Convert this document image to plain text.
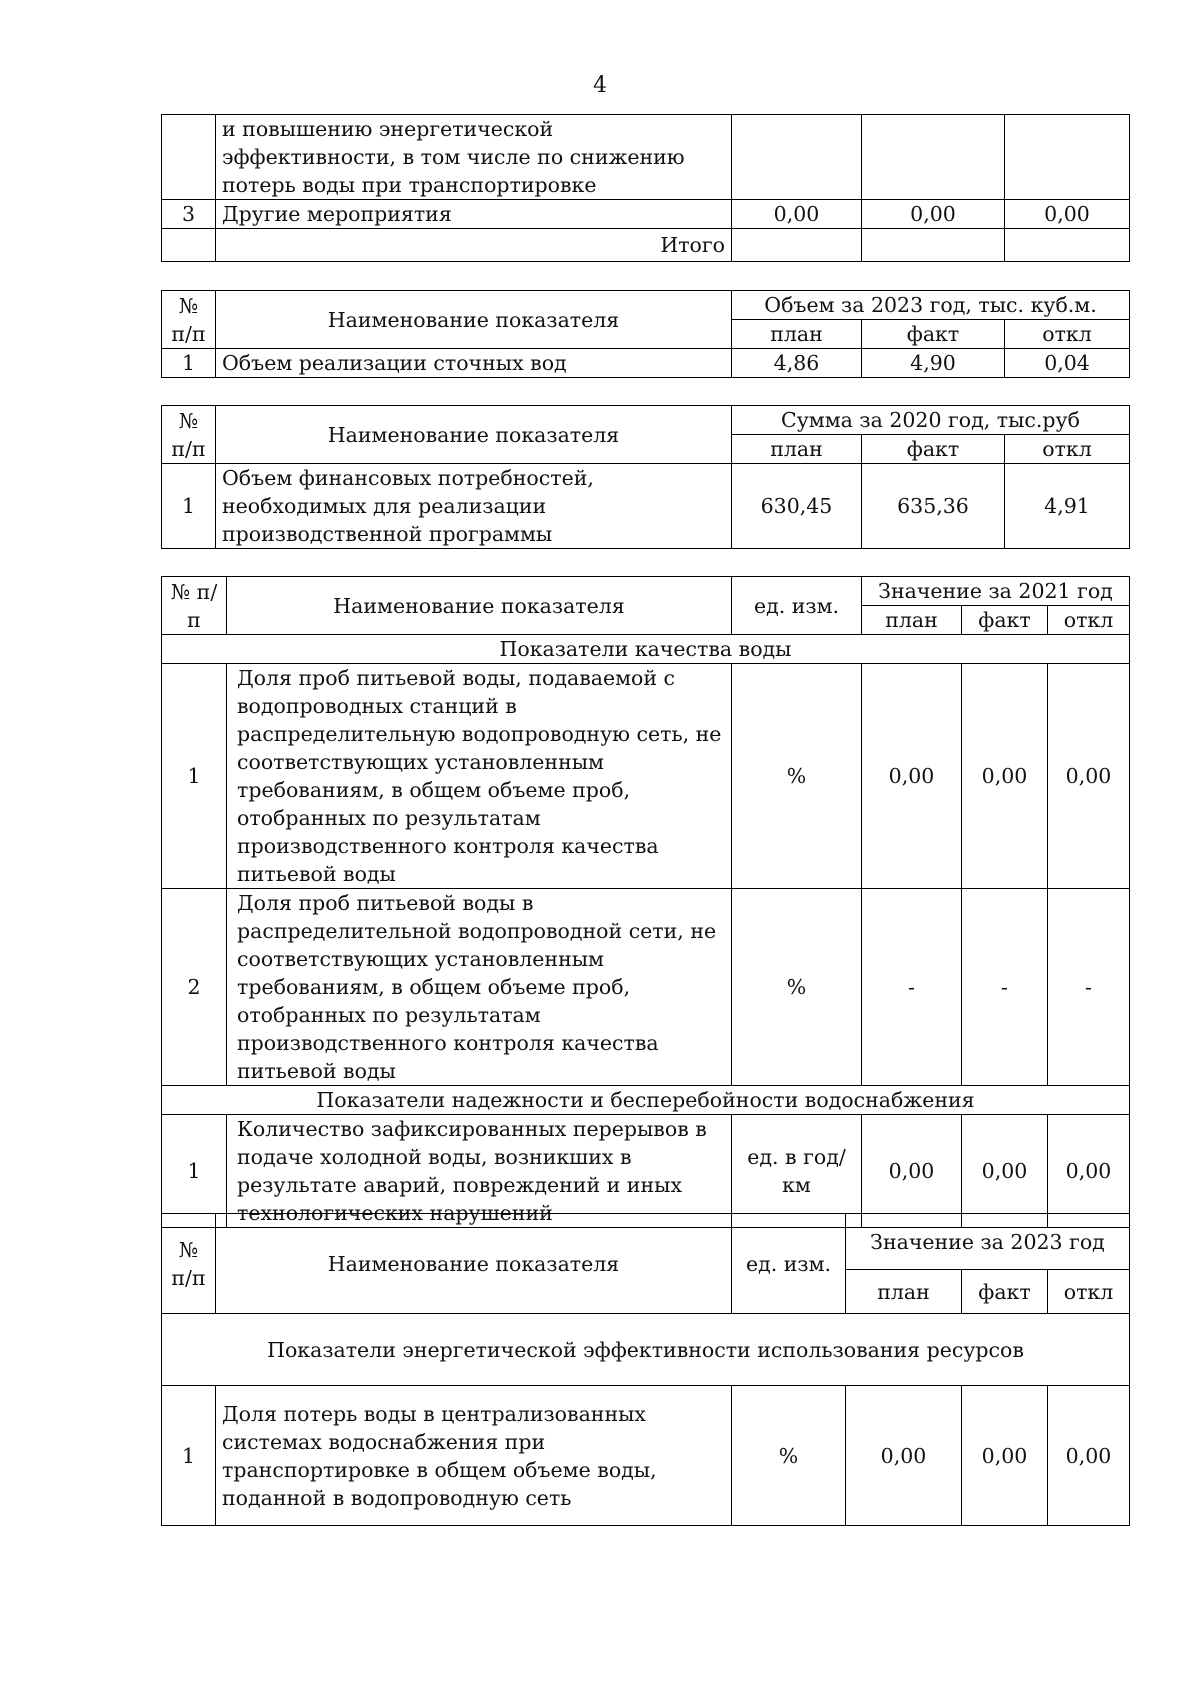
4
	и повышению энергетической эффективности, в том числе по снижению потерь воды при транспортировке			
3	Другие мероприятия	0,00	0,00	0,00
	Итого			
№ п/п	Наименование показателя	Объем за 2023 год, тыс. куб.м.		
		план	факт	откл
1	Объем реализации сточных вод	4,86	4,90	0,04
№ п/п	Наименование показателя	Сумма за 2020 год, тыс.руб		
		план	факт	откл
1	Объем финансовых потребностей, необходимых для реализации производственной программы	630,45	635,36	4,91
№ п/п	Наименование показателя	ед. изм.	Значение за 2021 год		
			план	факт	откл
Показатели качества воды					
1	Доля проб питьевой воды, подаваемой с водопроводных станций в распределительную водопроводную сеть, не соответствующих установленным требованиям, в общем объеме проб, отобранных по результатам производственного контроля качества питьевой воды	%	0,00	0,00	0,00
2	Доля проб питьевой воды в распределительной водопроводной сети, не соответствующих установленным требованиям, в общем объеме проб, отобранных по результатам производственного контроля качества питьевой воды	%	-	-	-
Показатели надежности и бесперебойности водоснабжения					
1	Количество зафиксированных перерывов в подаче холодной воды, возникших в результате аварий, повреждений и иных технологических нарушений	ед. в год/км	0,00	0,00	0,00
№ п/п	Наименование показателя	ед. изм.	Значение за 2023 год		
			план	факт	откл
Показатели энергетической эффективности использования ресурсов					
1	Доля потерь воды в централизованных системах водоснабжения при транспортировке в общем объеме воды, поданной в водопроводную сеть	%	0,00	0,00	0,00
